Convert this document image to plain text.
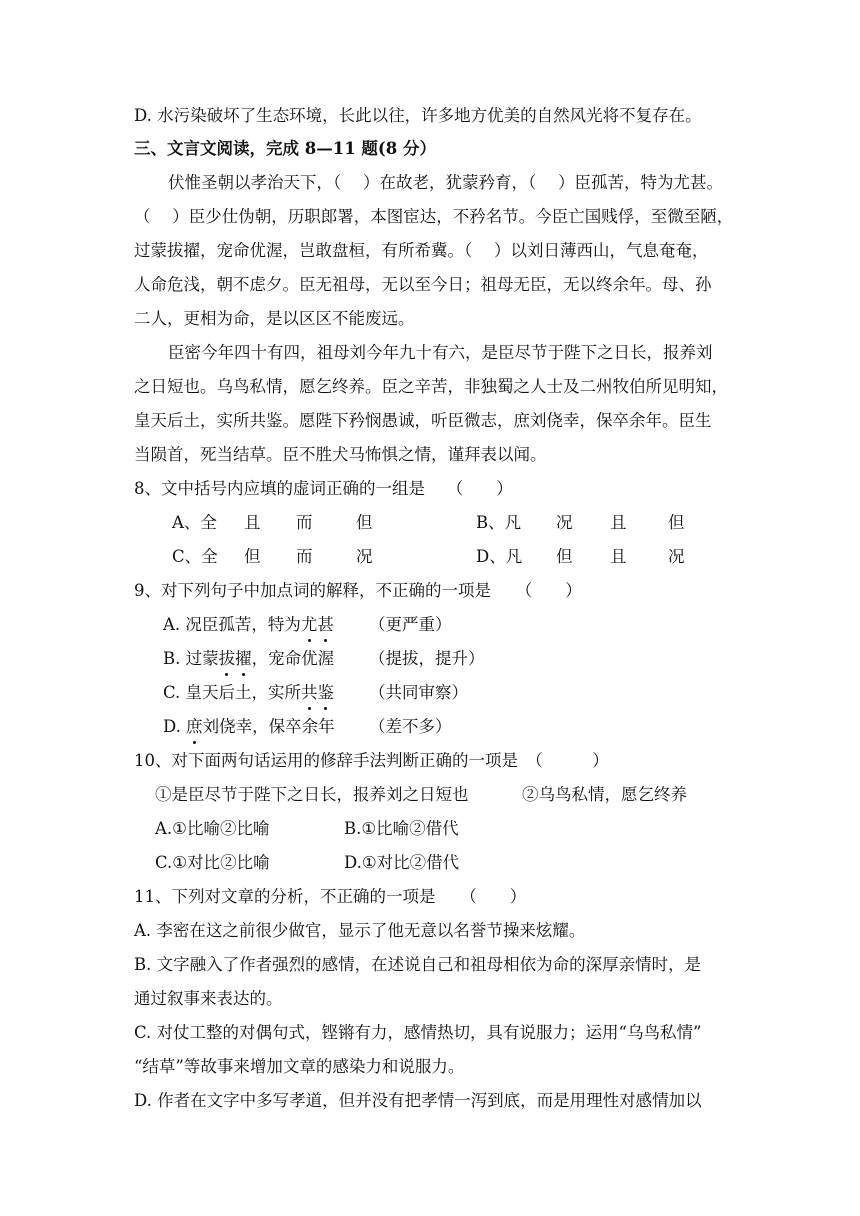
D. 水污染破坏了生态环境，长此以往，许多地方优美的自然风光将不复存在。
三、文言文阅读，完成 8—11 题(8 分）
伏惟圣朝以孝治天下，（　 ）在故老，犹蒙矜育，（　 ）臣孤苦，特为尤甚。
（　 ）臣少仕伪朝，历职郎署，本图宦达，不矜名节。今臣亡国贱俘，至微至陋，
过蒙拔擢，宠命优渥，岂敢盘桓，有所希冀。（　 ）以刘日薄西山，气息奄奄，
人命危浅，朝不虑夕。臣无祖母，无以至今日；祖母无臣，无以终余年。母、孙
二人，更相为命，是以区区不能废远。
臣密今年四十有四，祖母刘今年九十有六，是臣尽节于陛下之日长，报养刘
之日短也。乌鸟私情，愿乞终养。臣之辛苦，非独蜀之人士及二州牧伯所见明知，
皇天后土，实所共鉴。愿陛下矜悯愚诚，听臣微志，庶刘侥幸，保卒余年。臣生
当陨首，死当结草。臣不胜犬马怖惧之情，谨拜表以闻。
8、文中括号内应填的虚词正确的一组是　 （　　）
A、全 且 而	但	B、凡 况 且	但
C、全 但 而	况	D、凡 但 且	况
9、对下列句子中加点词的解释，不正确的一项是　　（　　）
A. 况臣孤苦，特为尤甚 （更严重）
B. 过蒙拔擢，宠命优渥 （提拔，提升）
C. 皇天后土，实所共鉴 （共同审察）
D. 庶刘侥幸，保卒余年 （差不多）
10、对下面两句话运用的修辞手法判断正确的一项是　（　　　）
①是臣尽节于陛下之日长，报养刘之日短也	②乌鸟私情，愿乞终养
A.①比喻②比喻	B.①比喻②借代
C.①对比②比喻	D.①对比②借代
11、下列对文章的分析，不正确的一项是　　（　　）
A. 李密在这之前很少做官，显示了他无意以名誉节操来炫耀。
B. 文字融入了作者强烈的感情，在述说自己和祖母相依为命的深厚亲情时，是
通过叙事来表达的。
C. 对仗工整的对偶句式，铿锵有力，感情热切，具有说服力；运用“乌鸟私情”
“结草”等故事来增加文章的感染力和说服力。
D. 作者在文字中多写孝道，但并没有把孝情一泻到底，而是用理性对感情加以
